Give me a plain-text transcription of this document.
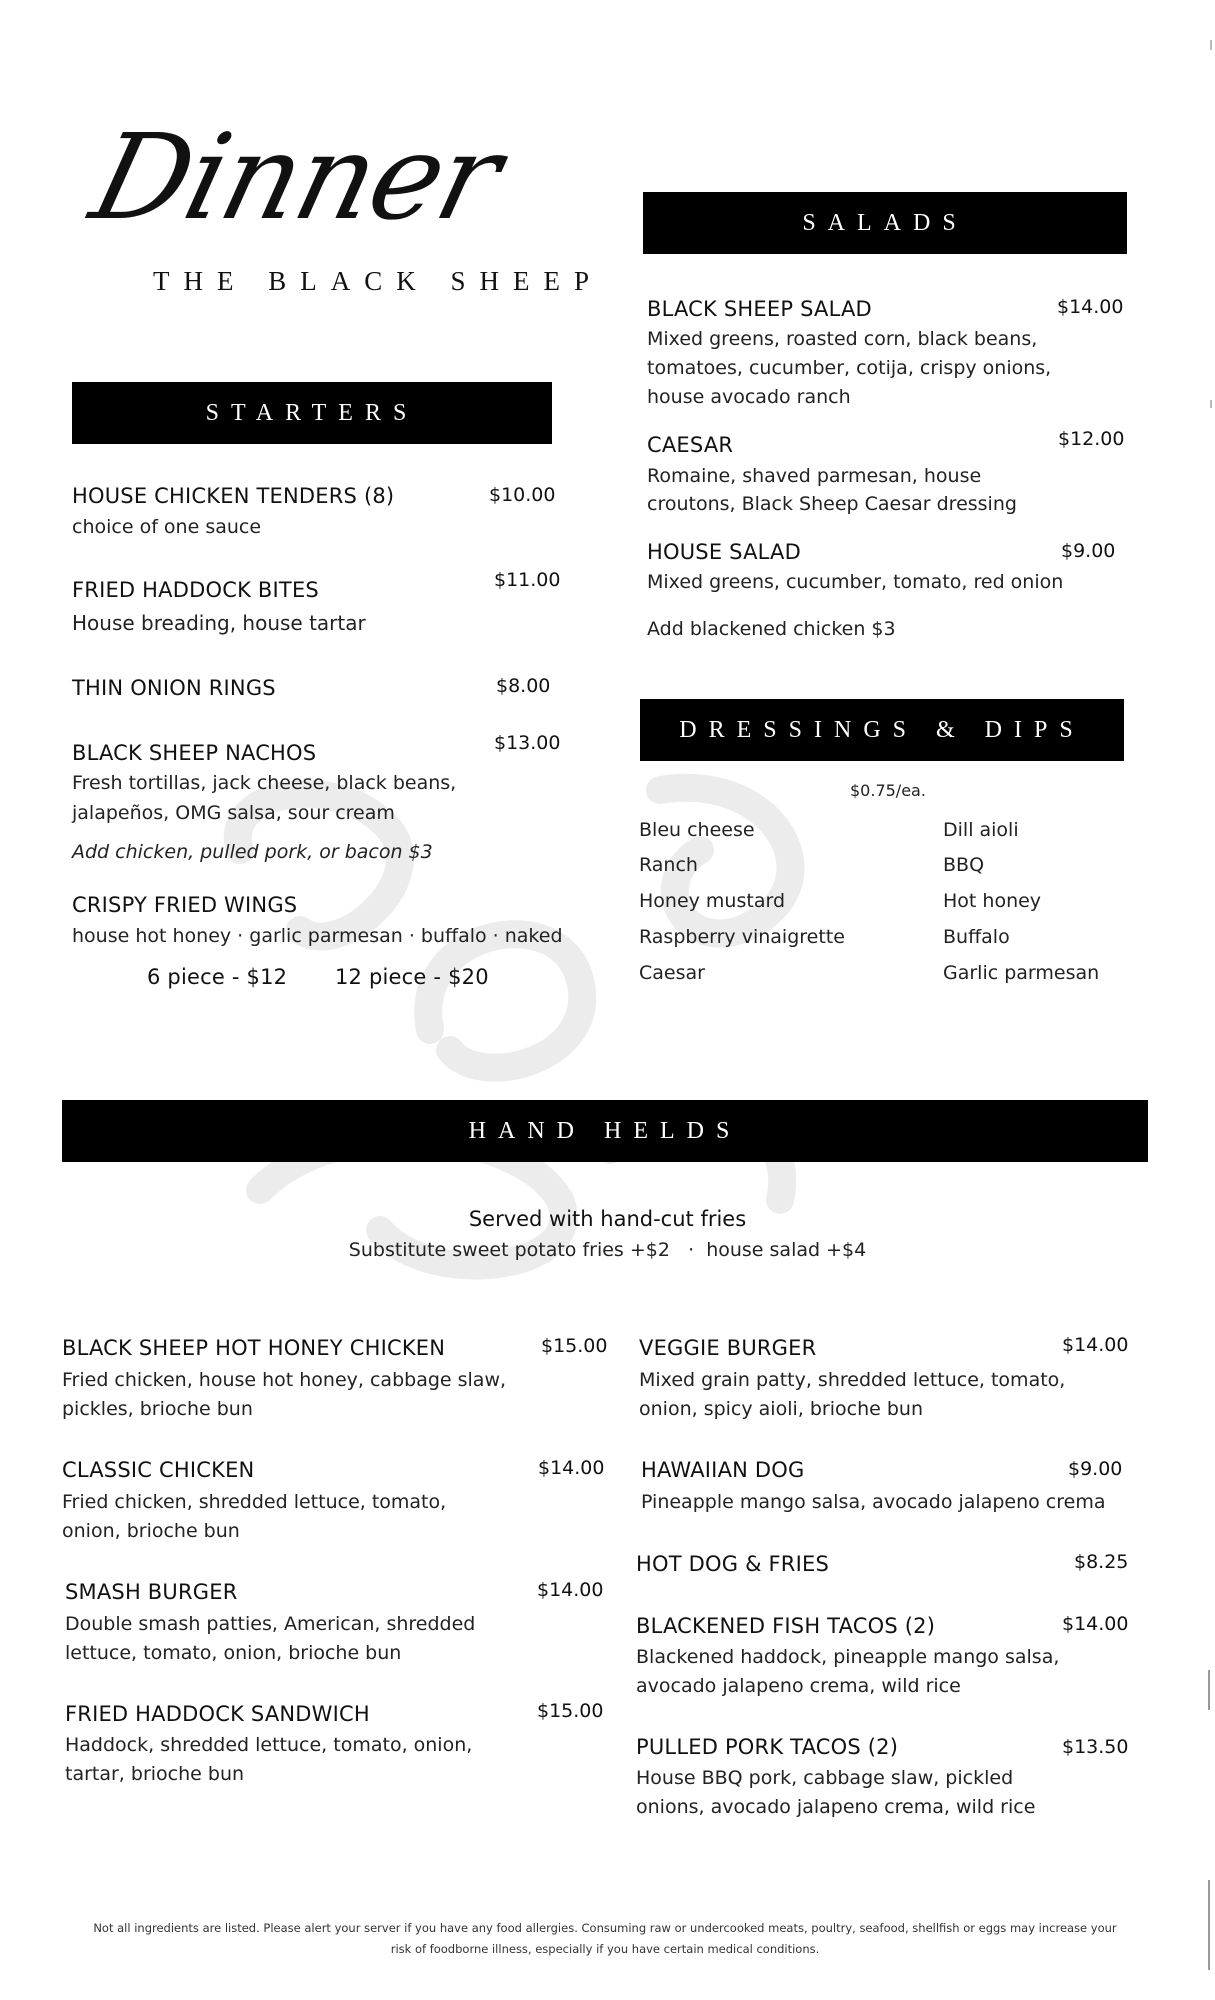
Dinner
THE BLACK SHEEP
STARTERS
HOUSE CHICKEN TENDERS (8)	$10.00
choice of one sauce
FRIED HADDOCK BITES	$11.00
House breading, house tartar
THIN ONION RINGS	$8.00
BLACK SHEEP NACHOS	$13.00
Fresh tortillas, jack cheese, black beans,
jalapeños, OMG salsa, sour cream
Add chicken, pulled pork, or bacon $3
CRISPY FRIED WINGS
house hot honey · garlic parmesan · buffalo · naked
6 piece - $12 12 piece - $20
SALADS
BLACK SHEEP SALAD	$14.00
Mixed greens, roasted corn, black beans,
tomatoes, cucumber, cotija, crispy onions,
house avocado ranch
CAESAR	$12.00
Romaine, shaved parmesan, house
croutons, Black Sheep Caesar dressing
HOUSE SALAD	$9.00
Mixed greens, cucumber, tomato, red onion
Add blackened chicken $3
DRESSINGS & DIPS
$0.75/ea.
Bleu cheese
Ranch
Honey mustard
Raspberry vinaigrette
Caesar
Dill aioli
BBQ
Hot honey
Buffalo
Garlic parmesan
HAND HELDS
Served with hand-cut fries
Substitute sweet potato fries +$2   ·  house salad +$4
BLACK SHEEP HOT HONEY CHICKEN	$15.00
Fried chicken, house hot honey, cabbage slaw,
pickles, brioche bun
CLASSIC CHICKEN	$14.00
Fried chicken, shredded lettuce, tomato,
onion, brioche bun
SMASH BURGER	$14.00
Double smash patties, American, shredded
lettuce, tomato, onion, brioche bun
FRIED HADDOCK SANDWICH	$15.00
Haddock, shredded lettuce, tomato, onion,
tartar, brioche bun
VEGGIE BURGER	$14.00
Mixed grain patty, shredded lettuce, tomato,
onion, spicy aioli, brioche bun
HAWAIIAN DOG	$9.00
Pineapple mango salsa, avocado jalapeno crema
HOT DOG & FRIES	$8.25
BLACKENED FISH TACOS (2)	$14.00
Blackened haddock, pineapple mango salsa,
avocado jalapeno crema, wild rice
PULLED PORK TACOS (2)	$13.50
House BBQ pork, cabbage slaw, pickled
onions, avocado jalapeno crema, wild rice
Not all ingredients are listed. Please alert your server if you have any food allergies. Consuming raw or undercooked meats, poultry, seafood, shellfish or eggs may increase your
risk of foodborne illness, especially if you have certain medical conditions.
